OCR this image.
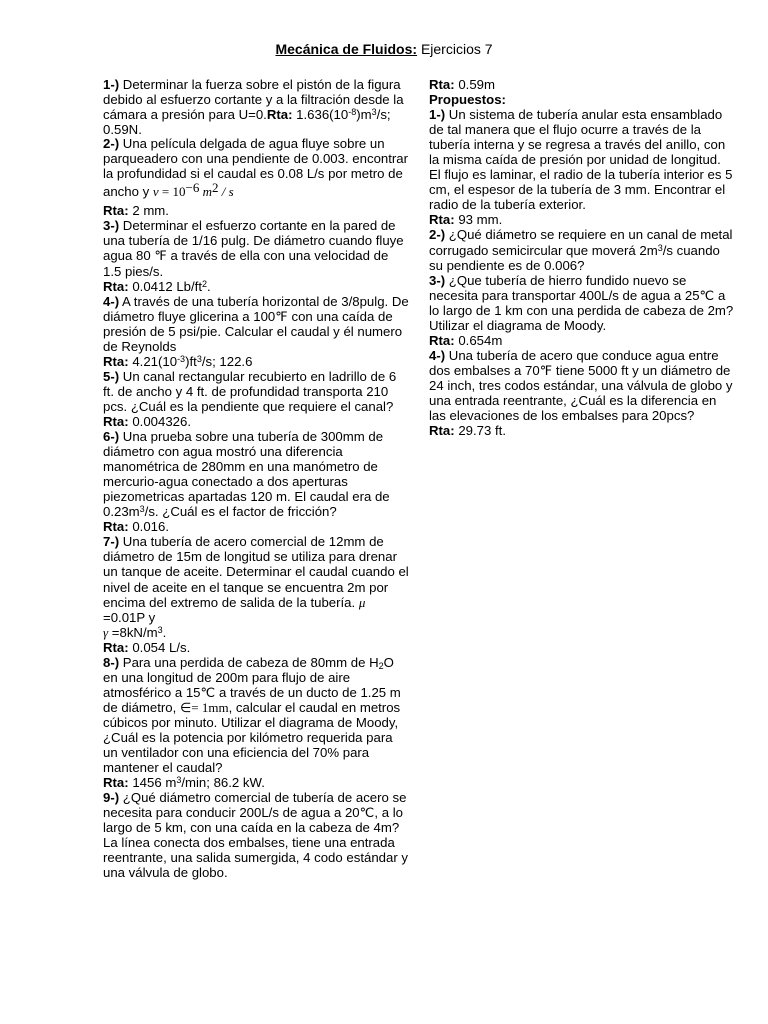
Mecánica de Fluidos: Ejercicios 7

1-) Determinar la fuerza sobre el pistón de la figura debido al esfuerzo cortante y a la filtración desde la cámara a presión para U=0.Rta: $1.636(10^{-8})m^3/s$; 0.59N.

2-) Una película delgada de agua fluye sobre un parqueadero con una pendiente de 0.003. encontrar la profundidad si el caudal es 0.08 L/s por metro de ancho y $\nu = 10^{-6}$ $m^2$ / s
Rta: 2 mm.

3-) Determinar el esfuerzo cortante en la pared de una tubería de 1/16 pulg. De diámetro cuando fluye agua 80 ℉ a través de ella con una velocidad de 1.5 pies/s.
Rta: 0.0412 $Lb/ft^2$.

4-) A través de una tubería horizontal de 3/8pulg. De diámetro fluye glicerina a 100℉ con una caída de presión de 5 psi/pie. Calcular el caudal y él numero de Reynolds
Rta: $4.21(10^{-3})ft^3/s$; 122.6

5-) Un canal rectangular recubierto en ladrillo de 6 ft. de ancho y 4 ft. de profundidad transporta 210 pcs. ¿Cuál es la pendiente que requiere el canal?
Rta: 0.004326.

6-) Una prueba sobre una tubería de 300mm de diámetro con agua mostró una diferencia manométrica de 280mm en una manómetro de mercurio-agua conectado a dos aperturas piezometricas apartadas 120 m. El caudal era de $0.23m^3/s$. ¿Cuál es el factor de fricción?
Rta: 0.016.

7-) Una tubería de acero comercial de 12mm de diámetro de 15m de longitud se utiliza para drenar un tanque de aceite. Determinar el caudal cuando el nivel de aceite en el tanque se encuentra 2m por encima del extremo de salida de la tubería. μ =0.01P y
$\gamma =8kN/m^3$.
Rta: 0.054 L/s.

8-) Para una perdida de cabeza de 80mm de $H_2O$ en una longitud de 200m para flujo de aire atmosférico a 15℃ a través de un ducto de 1.25 m de diámetro, ∈= 1mm, calcular el caudal en metros cúbicos por minuto. Utilizar el diagrama de Moody, ¿Cuál es la potencia por kilómetro requerida para un ventilador con una eficiencia del 70% para mantener el caudal?
Rta: 1456 $m^3/\min$; 86.2 kW.

9-) ¿Qué diámetro comercial de tubería de acero se necesita para conducir 200L/s de agua a 20℃, a lo largo de 5 km, con una caída en la cabeza de 4m? La línea conecta dos embalses, tiene una entrada reentrante, una salida sumergida, 4 codo estándar y una válvula de globo.

Rta: 0.59m

Propuestos:

1-) Un sistema de tubería anular esta ensamblado de tal manera que el flujo ocurre a través de la tubería interna y se regresa a través del anillo, con la misma caída de presión por unidad de longitud. El flujo es laminar, el radio de la tubería interior es 5 cm, el espesor de la tubería de 3 mm. Encontrar el radio de la tubería exterior.
Rta: 93 mm.

2-) ¿Qué diámetro se requiere en un canal de metal corrugado semicircular que moverá $2m^3/s$ cuando su pendiente es de 0.006?

3-) ¿Que tubería de hierro fundido nuevo se necesita para transportar 400L/s de agua a 25℃ a lo largo de 1 km con una perdida de cabeza de 2m? Utilizar el diagrama de Moody.
Rta: 0.654m

4-) Una tubería de acero que conduce agua entre dos embalses a 70℉ tiene 5000 ft y un diámetro de 24 inch, tres codos estándar, una válvula de globo y una entrada reentrante, ¿Cuál es la diferencia en las elevaciones de los embalses para 20pcs?
Rta: 29.73 ft.
